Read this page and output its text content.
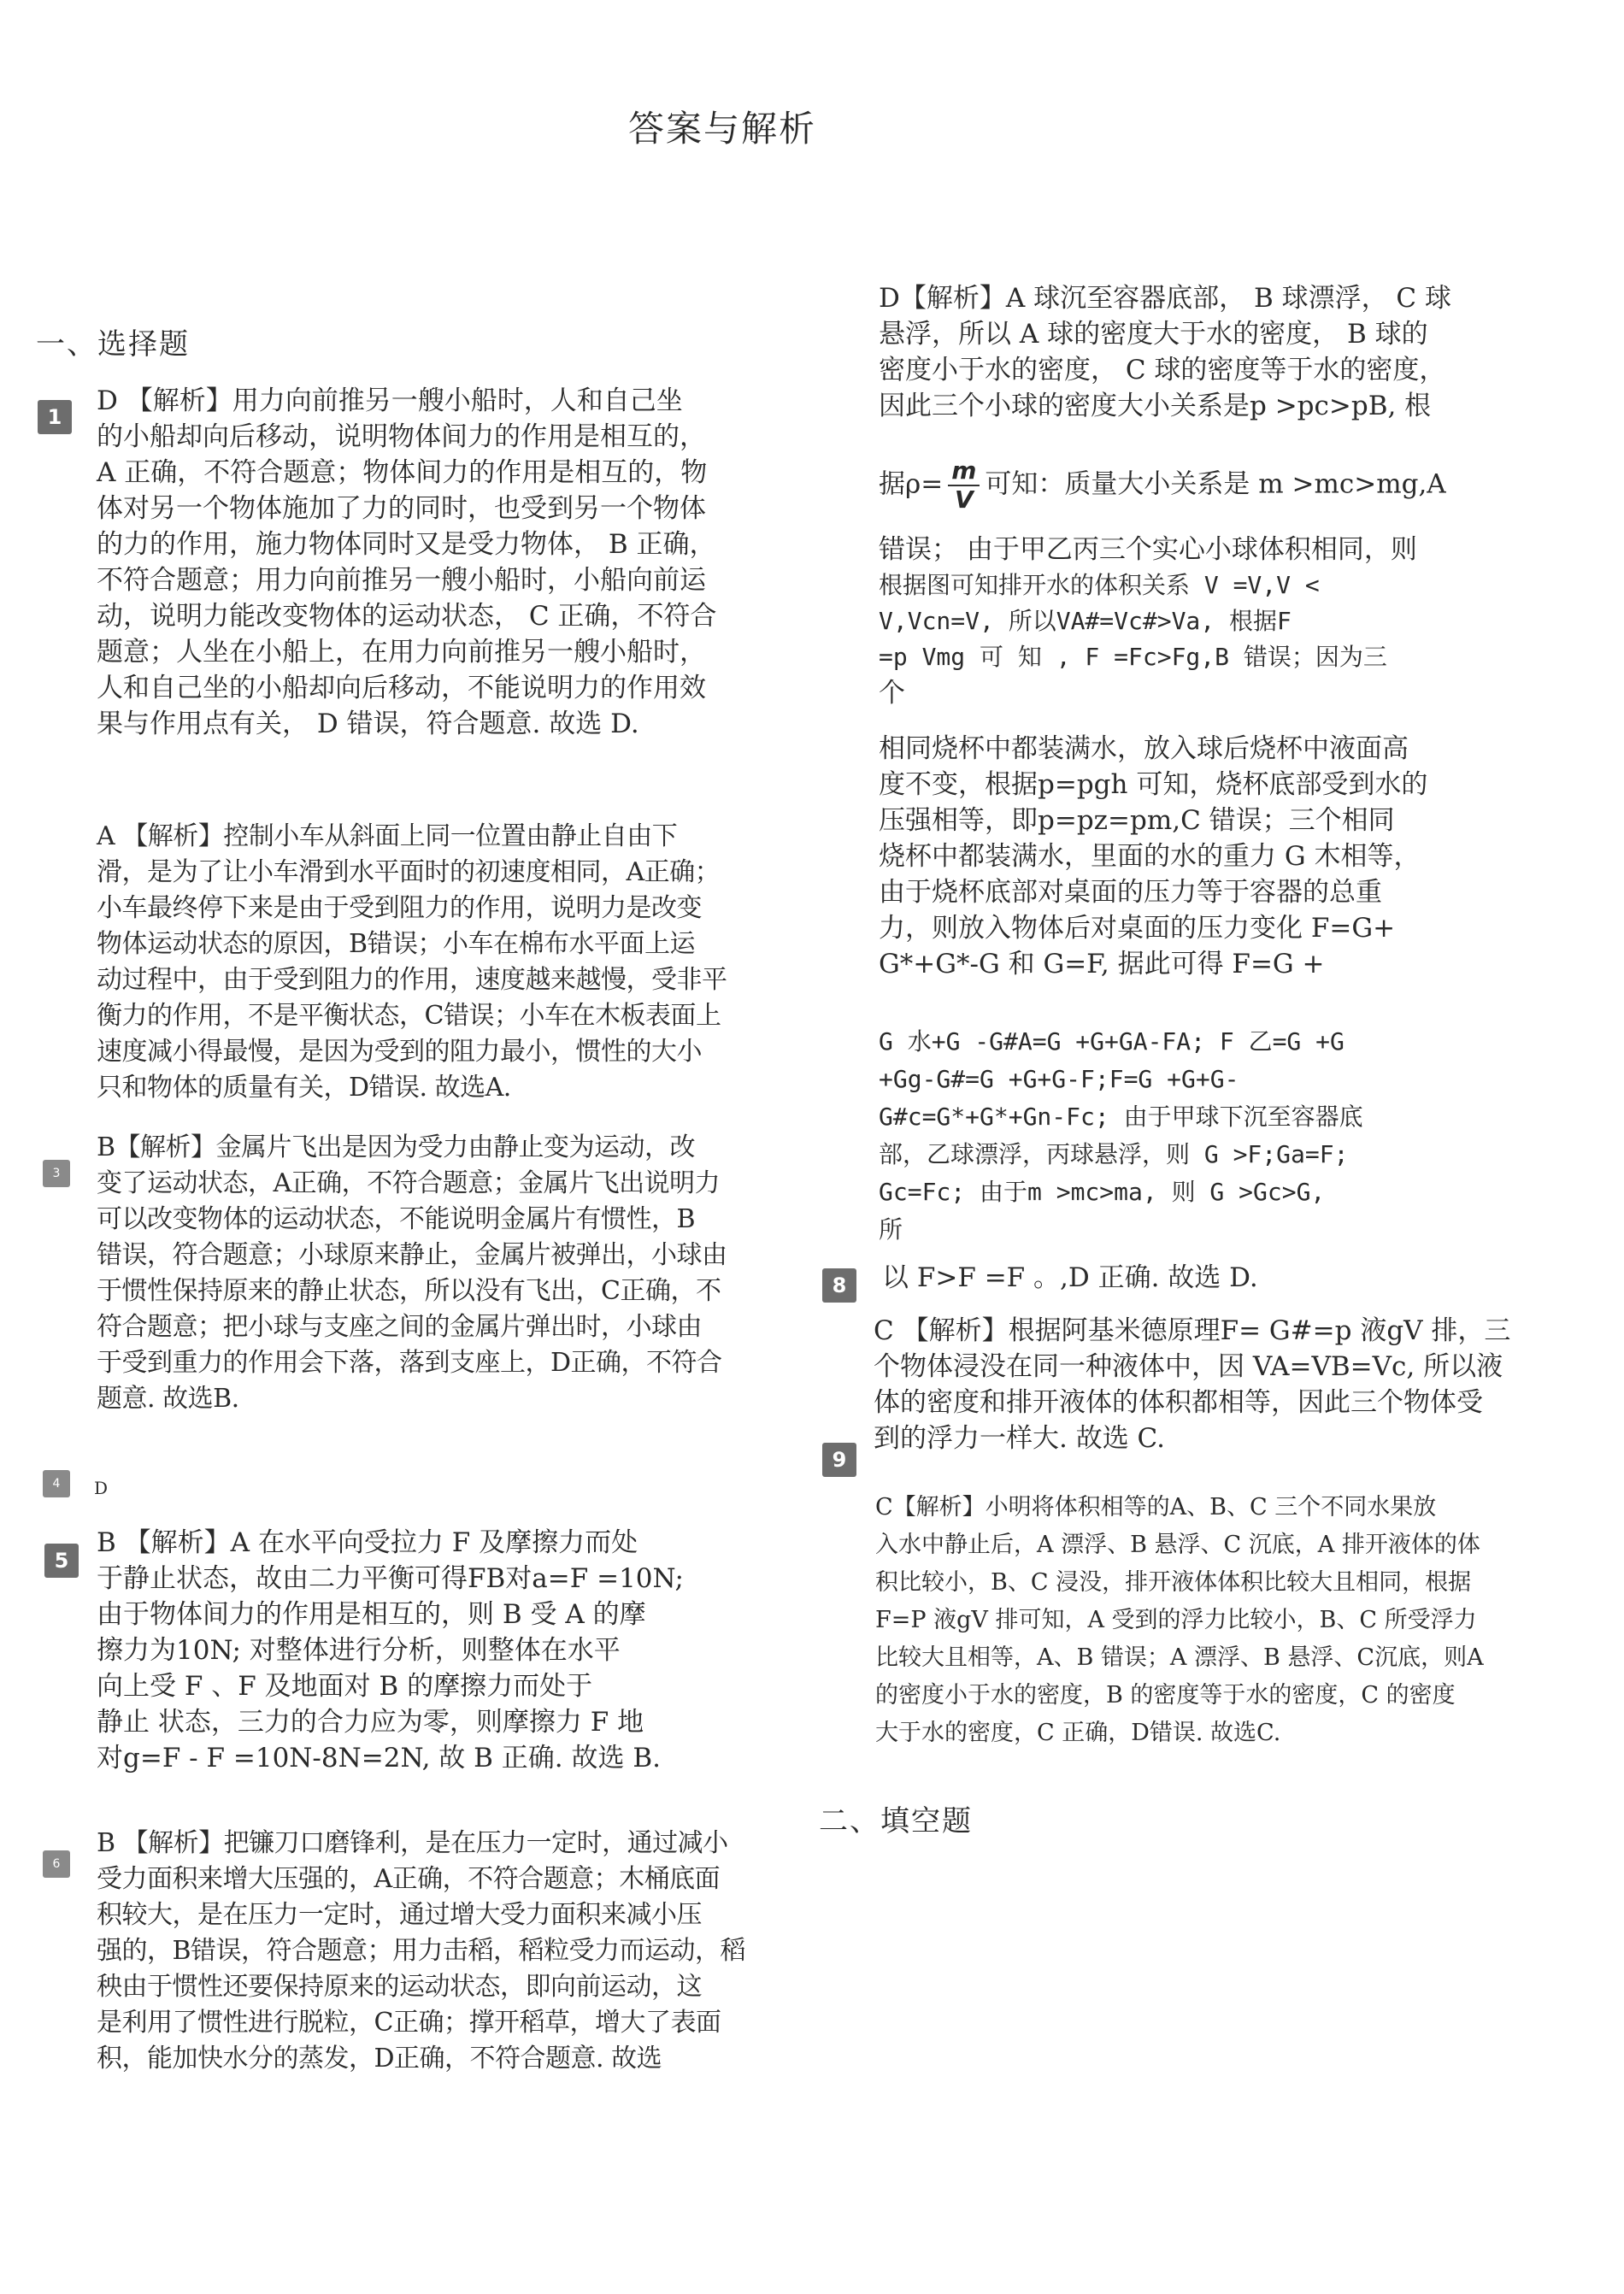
答案与解析
一、选择题
二、填空题
1
3
4
5
6
8
9
D 【解析】用力向前推另一艘小船时，人和自己坐
的小船却向后移动，说明物体间力的作用是相互的，
A 正确，不符合题意；物体间力的作用是相互的，物
体对另一个物体施加了力的同时，也受到另一个物体
的力的作用，施力物体同时又是受力物体， B 正确，
不符合题意；用力向前推另一艘小船时，小船向前运
动，说明力能改变物体的运动状态， C 正确，不符合
题意；人坐在小船上，在用力向前推另一艘小船时，
人和自己坐的小船却向后移动，不能说明力的作用效
果与作用点有关， D 错误，符合题意. 故选 D.
A 【解析】控制小车从斜面上同一位置由静止自由下
滑，是为了让小车滑到水平面时的初速度相同，A正确；
小车最终停下来是由于受到阻力的作用，说明力是改变
物体运动状态的原因，B错误；小车在棉布水平面上运
动过程中，由于受到阻力的作用，速度越来越慢，受非平
衡力的作用，不是平衡状态，C错误；小车在木板表面上
速度减小得最慢，是因为受到的阻力最小，惯性的大小
只和物体的质量有关，D错误. 故选A.
B【解析】金属片飞出是因为受力由静止变为运动，改
变了运动状态，A正确，不符合题意；金属片飞出说明力
可以改变物体的运动状态，不能说明金属片有惯性，B
错误，符合题意；小球原来静止，金属片被弹出，小球由
于惯性保持原来的静止状态，所以没有飞出，C正确，不
符合题意；把小球与支座之间的金属片弹出时，小球由
于受到重力的作用会下落，落到支座上，D正确，不符合
题意. 故选B.
D
B 【解析】A 在水平向受拉力 F 及摩擦力而处
于静止状态，故由二力平衡可得FB对a=F =10N;
由于物体间力的作用是相互的，则 B 受 A 的摩
擦力为10N; 对整体进行分析，则整体在水平
向上受 F 、F 及地面对 B 的摩擦力而处于
静止 状态，三力的合力应为零，则摩擦力 F 地
对g=F - F =10N-8N=2N, 故 B 正确. 故选 B.
B 【解析】把镰刀口磨锋利，是在压力一定时，通过减小
受力面积来增大压强的，A正确，不符合题意；木桶底面
积较大，是在压力一定时，通过增大受力面积来减小压
强的，B错误，符合题意；用力击稻，稻粒受力而运动，稻
秧由于惯性还要保持原来的运动状态，即向前运动，这
是利用了惯性进行脱粒，C正确；撑开稻草，增大了表面
积，能加快水分的蒸发，D正确，不符合题意. 故选
D【解析】A 球沉至容器底部， B 球漂浮， C 球
悬浮，所以 A 球的密度大于水的密度， B 球的
密度小于水的密度， C 球的密度等于水的密度，
因此三个小球的密度大小关系是p >pc>pB, 根
据$\rho= \frac{m}{V}$ 可知：质量大小关系是 m >mc>mg,A
错误； 由于甲乙丙三个实心小球体积相同，则
根据图可知排开水的体积关系 V =V,V <
V,Vcn=V, 所以VA#=Vc#>Va, 根据F
=p Vmg 可 知 , F =Fc>Fg,B 错误；因为三
个
相同烧杯中都装满水，放入球后烧杯中液面高
度不变，根据p=pgh 可知，烧杯底部受到水的
压强相等，即p=pz=pm,C 错误；三个相同
烧杯中都装满水，里面的水的重力 G 木相等，
由于烧杯底部对桌面的压力等于容器的总重
力，则放入物体后对桌面的压力变化 F=G+
G*+G*-G 和 G=F, 据此可得 F=G +
G 水+G -G#A=G +G+GA-FA; F 乙=G +G
+Gg-G#=G +G+G-F;F=G +G+G-
G#c=G*+G*+Gn-Fc; 由于甲球下沉至容器底
部，乙球漂浮，丙球悬浮，则 G >F;Ga=F;
Gc=Fc; 由于m >mc>ma, 则 G >Gc>G,
所
以 F>F =F 。,D 正确. 故选 D.
C 【解析】根据阿基米德原理F= G#=p 液gV 排，三
个物体浸没在同一种液体中，因 VA=VB=Vc, 所以液
体的密度和排开液体的体积都相等，因此三个物体受
到的浮力一样大. 故选 C.
C【解析】小明将体积相等的A、B、C 三个不同水果放
入水中静止后，A 漂浮、B 悬浮、C 沉底，A 排开液体的体
积比较小，B、C 浸没，排开液体体积比较大且相同，根据
F=P 液gV 排可知，A 受到的浮力比较小，B、C 所受浮力
比较大且相等，A、B 错误；A 漂浮、B 悬浮、C沉底，则A
的密度小于水的密度，B 的密度等于水的密度，C 的密度
大于水的密度，C 正确，D错误. 故选C.
